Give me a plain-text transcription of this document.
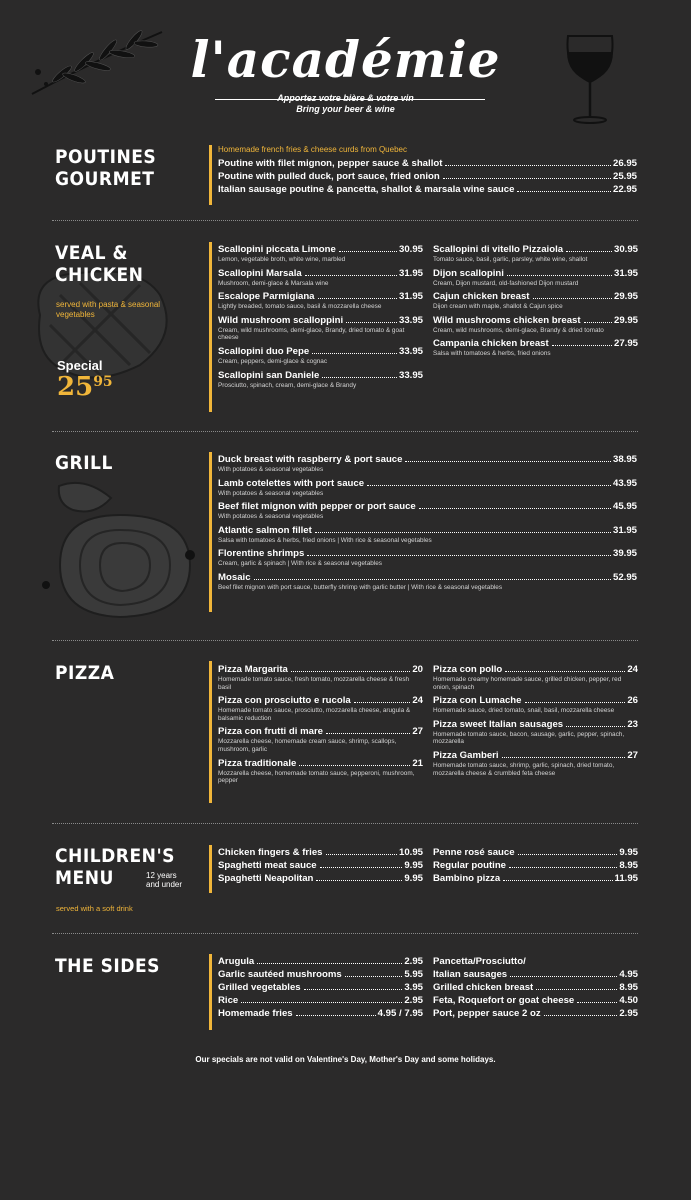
l'académie
Apportez votre bière & votre vin
Bring your beer & wine
POUTINES GOURMET
Homemade french fries & cheese curds from Quebec
Poutine with filet mignon, pepper sauce & shallot	26.95
Poutine with pulled duck, port sauce, fried onion	25.95
Italian sausage poutine & pancetta, shallot & marsala wine sauce	22.95
VEAL & CHICKEN
served with pasta & seasonal vegetables
Special
$25^{95}$
Scallopini piccata Limone	30.95
Lemon, vegetable broth, white wine, marbled
Scallopini Marsala	31.95
Mushroom, demi-glace & Marsala wine
Escalope Parmigiana	31.95
Lightly breaded, tomato sauce, basil & mozzarella cheese
Wild mushroom scalloppini	33.95
Cream, wild mushrooms, demi-glace, Brandy, dried tomato & goat cheese
Scallopini duo Pepe	33.95
Cream, peppers, demi-glace & cognac
Scallopini san Daniele	33.95
Prosciutto, spinach, cream, demi-glace & Brandy
Scallopini di vitello Pizzaiola	30.95
Tomato sauce, basil, garlic, parsley, white wine, shallot
Dijon scallopini	31.95
Cream, Dijon mustard, old-fashioned Dijon mustard
Cajun chicken breast	29.95
Dijon cream with maple, shallot & Cajun spice
Wild mushrooms chicken breast	29.95
Cream, wild mushrooms, demi-glace, Brandy & dried tomato
Campania chicken breast	27.95
Salsa with tomatoes & herbs, fried onions
GRILL	Duck breast with raspberry & port sauce	38.95
With potatoes & seasonal vegetables
Lamb cotelettes with port sauce	43.95
With potatoes & seasonal vegetables
Beef filet mignon with pepper or port sauce	45.95
With potatoes & seasonal vegetables
Atlantic salmon fillet	31.95
Salsa with tomatoes & herbs, fried onions | With rice & seasonal vegetables
Florentine shrimps	39.95
Cream, garlic & spinach | With rice & seasonal vegetables
Mosaic	52.95
Beef filet mignon with port sauce, butterfly shrimp with garlic butter | With rice & seasonal vegetables
PIZZA	Pizza Margarita	20
Homemade tomato sauce, fresh tomato, mozzarella cheese & fresh basil
Pizza con prosciutto e rucola	24
Homemade tomato sauce, prosciutto, mozzarella cheese, arugula & balsamic reduction
Pizza con frutti di mare	27
Mozzarella cheese, homemade cream sauce, shrimp, scallops, mushroom, garlic
Pizza traditionale	21
Mozzarella cheese, homemade tomato sauce, pepperoni, mushroom, pepper
Pizza con pollo	24
Homemade creamy homemade sauce, grilled chicken, pepper, red onion, spinach
Pizza con Lumache	26
Homemade sauce, dried tomato, snail, basil, mozzarella cheese
Pizza sweet Italian sausages	23
Homemade tomato sauce, bacon, sausage, garlic, pepper, spinach, mozzarella
Pizza Gamberi	27
Homemade tomato sauce, shrimp, garlic, spinach, dried tomato, mozzarella cheese & crumbled feta cheese
CHILDREN'S
MENU	12 years
and under
served with a soft drink
Chicken fingers & fries	10.95
Spaghetti meat sauce	9.95
Spaghetti Neapolitan	9.95
Penne rosé sauce	9.95
Regular poutine	8.95
Bambino pizza	11.95
THE SIDES	Arugula	2.95
Garlic sautéed mushrooms	5.95
Grilled vegetables	3.95
Rice	2.95
Homemade fries	4.95 / 7.95
Pancetta/Prosciutto/
Italian sausages	4.95
Grilled chicken breast	8.95
Feta, Roquefort or goat cheese	4.50
Port, pepper sauce 2 oz	2.95
Our specials are not valid on Valentine's Day, Mother's Day and some holidays.
